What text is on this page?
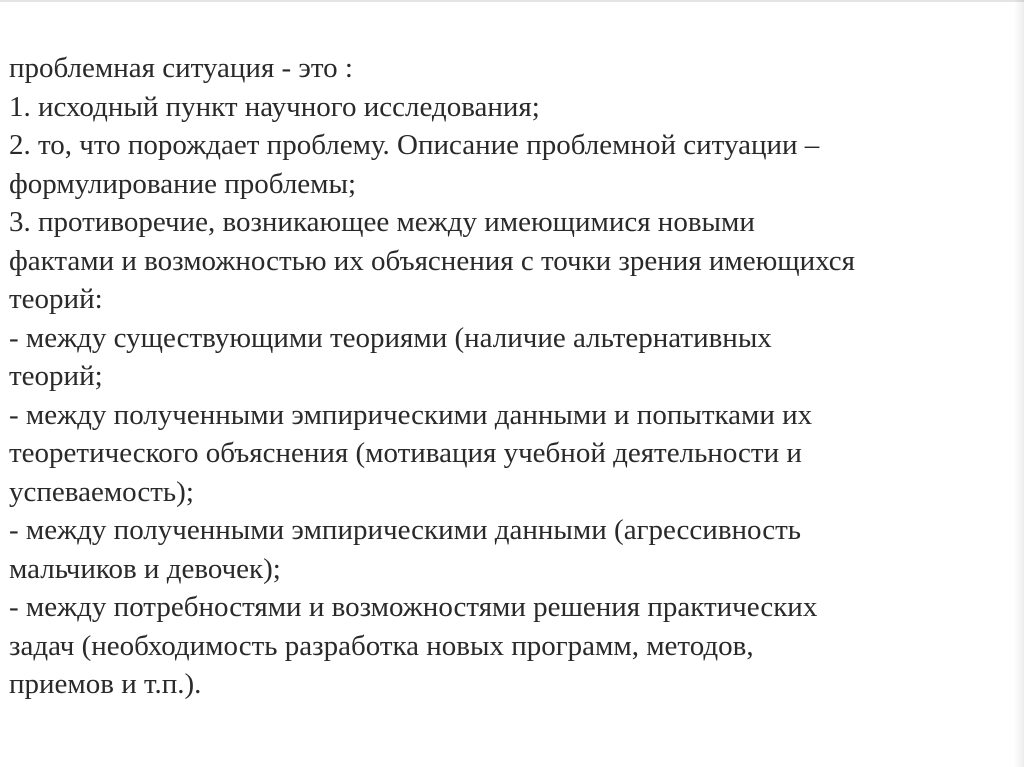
проблемная ситуация - это :
1. исходный пункт научного исследования;
2. то, что порождает проблему. Описание проблемной ситуации –
формулирование проблемы;
3. противоречие, возникающее между имеющимися новыми
фактами и возможностью их объяснения с точки зрения имеющихся
теорий:
- между существующими теориями (наличие альтернативных
теорий;
- между полученными эмпирическими данными и попытками их
теоретического объяснения (мотивация учебной деятельности и
успеваемость);
- между полученными эмпирическими данными (агрессивность
мальчиков и девочек);
- между потребностями и возможностями решения практических
задач (необходимость разработка новых программ, методов,
приемов и т.п.).
